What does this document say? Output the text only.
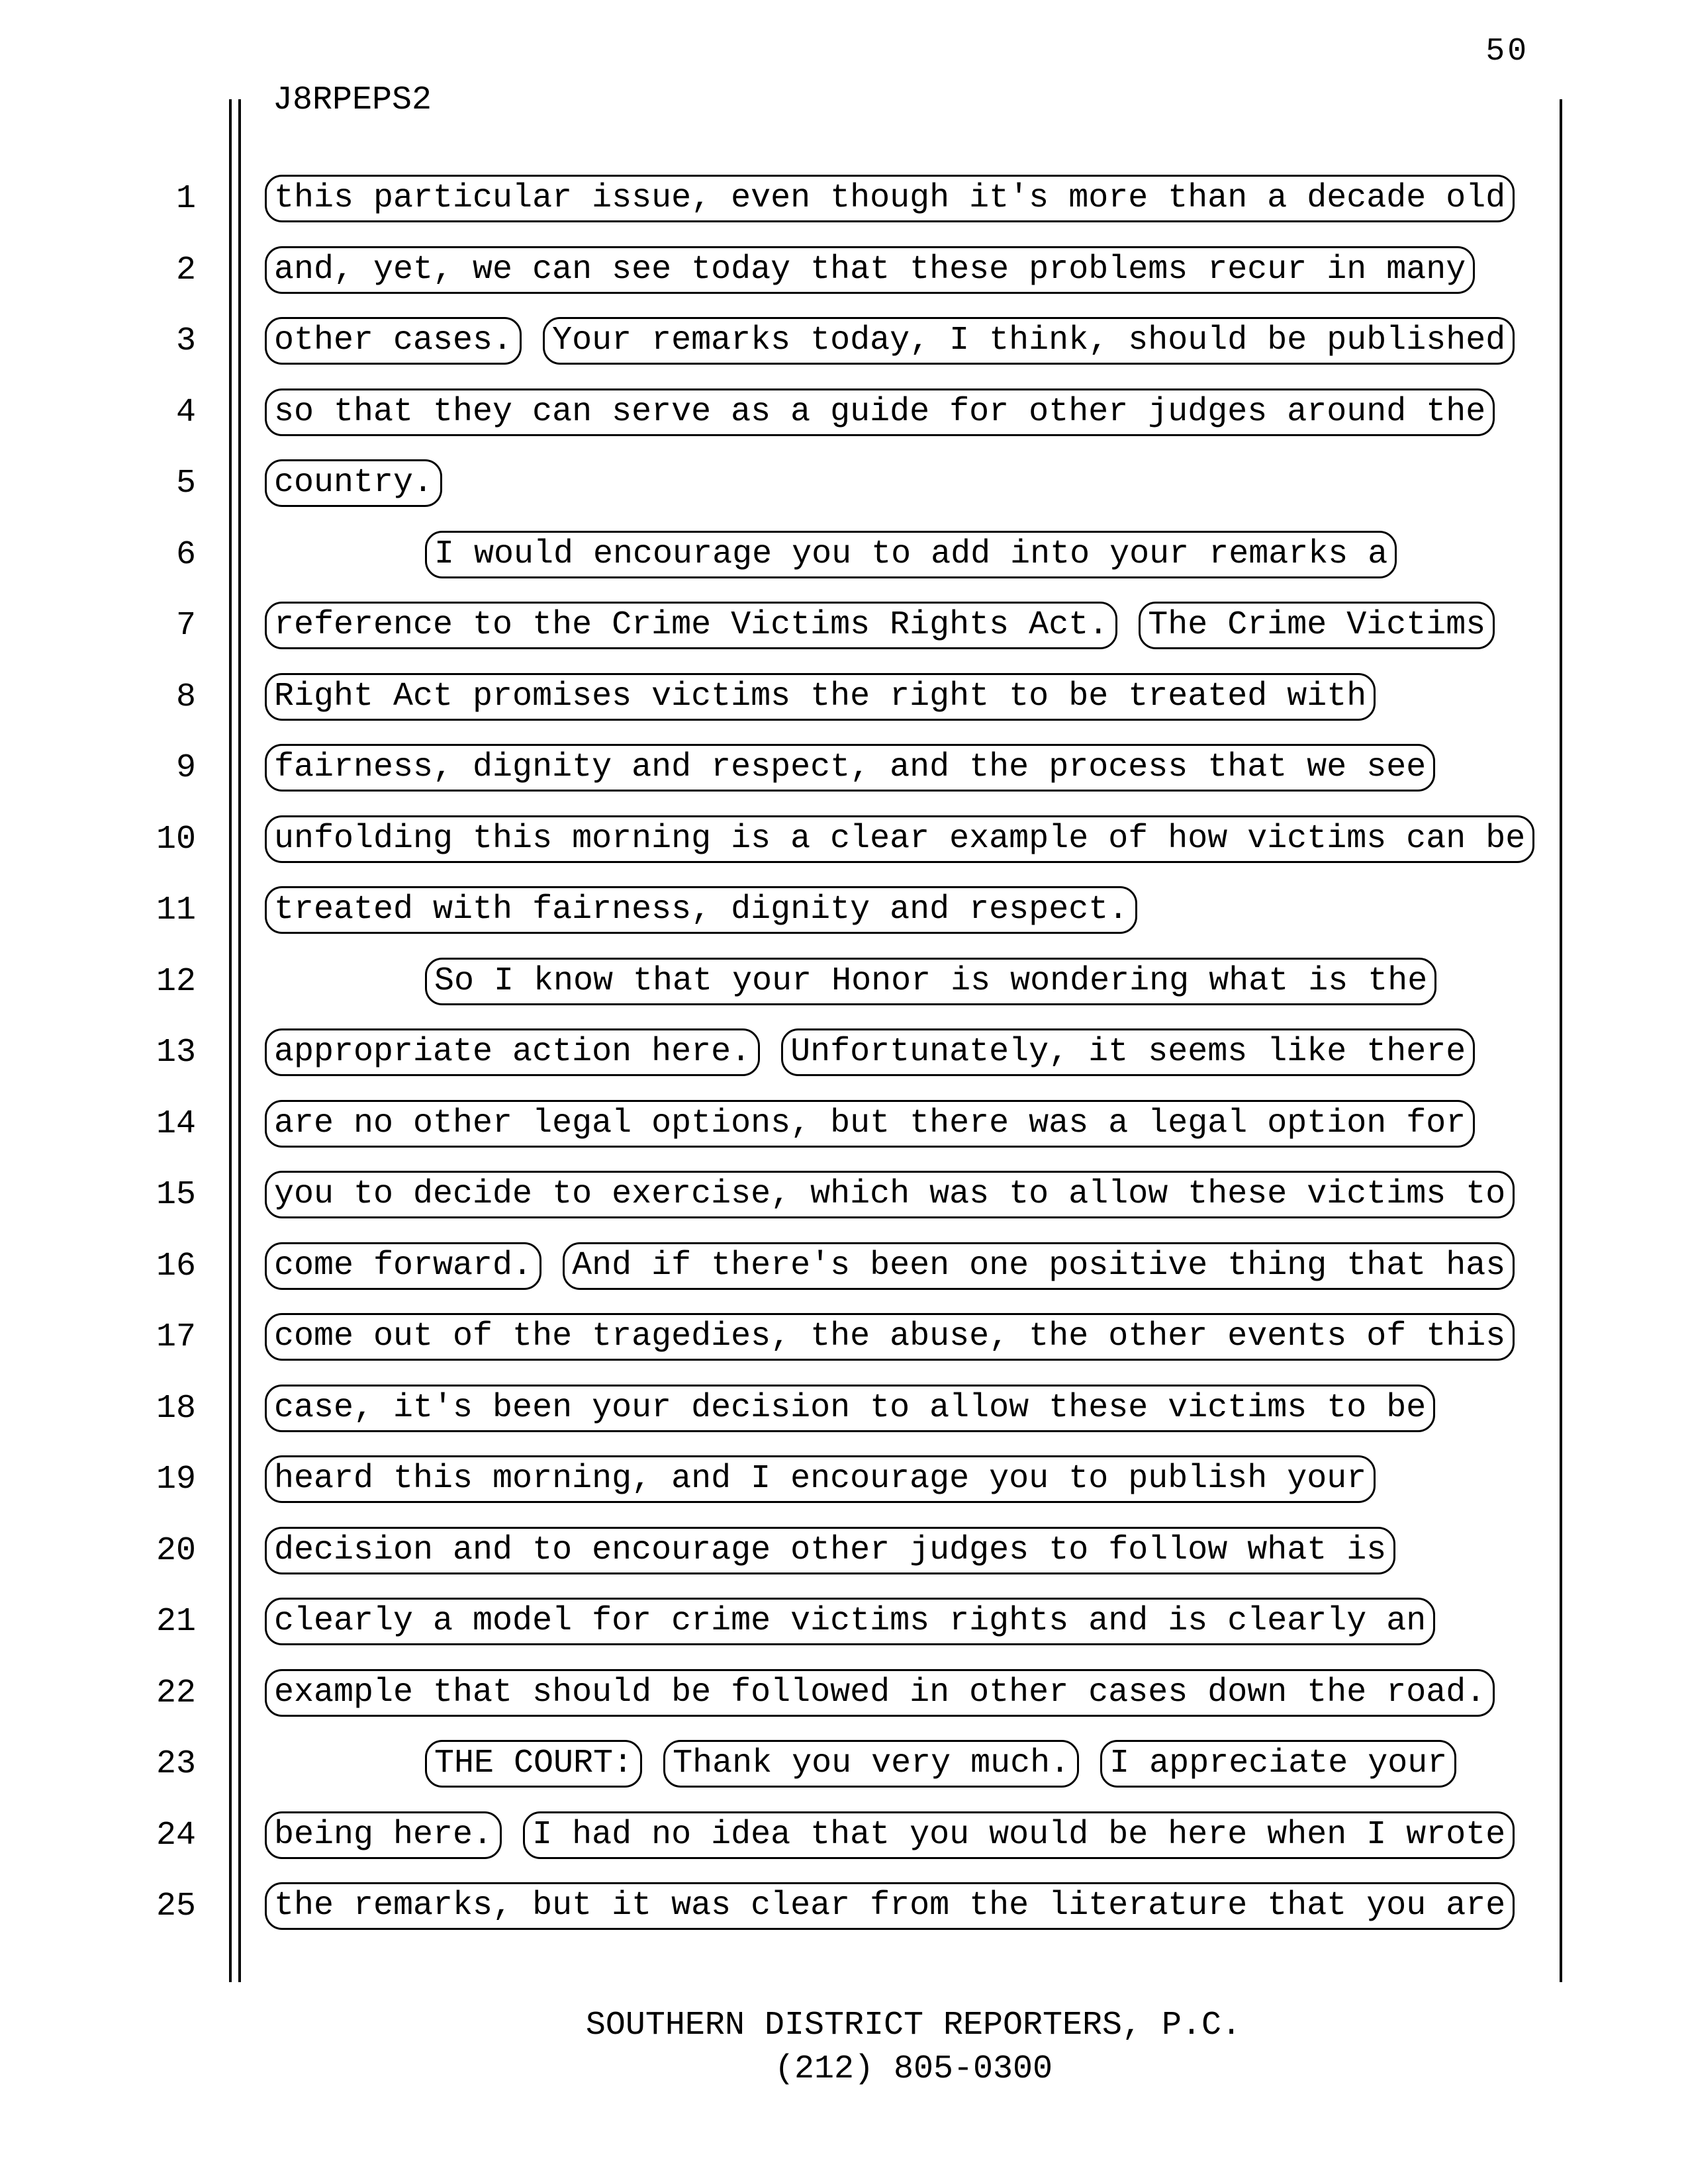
50
J8RPEPS2
1 this particular issue, even though it's more than a decade old
2 and, yet, we can see today that these problems recur in many
3 other cases. Your remarks today, I think, should be published
4 so that they can serve as a guide for other judges around the
5 country.
6	I would encourage you to add into your remarks a
7 reference to the Crime Victims Rights Act. The Crime Victims
8 Right Act promises victims the right to be treated with
9 fairness, dignity and respect, and the process that we see
10 unfolding this morning is a clear example of how victims can be
11 treated with fairness, dignity and respect.
12	So I know that your Honor is wondering what is the
13 appropriate action here. Unfortunately, it seems like there
14 are no other legal options, but there was a legal option for
15 you to decide to exercise, which was to allow these victims to
16 come forward. And if there's been one positive thing that has
17 come out of the tragedies, the abuse, the other events of this
18 case, it's been your decision to allow these victims to be
19 heard this morning, and I encourage you to publish your
20 decision and to encourage other judges to follow what is
21 clearly a model for crime victims rights and is clearly an
22 example that should be followed in other cases down the road.
23	THE COURT: Thank you very much. I appreciate your
24 being here. I had no idea that you would be here when I wrote
25 the remarks, but it was clear from the literature that you are
SOUTHERN DISTRICT REPORTERS, P.C.
(212) 805-0300
